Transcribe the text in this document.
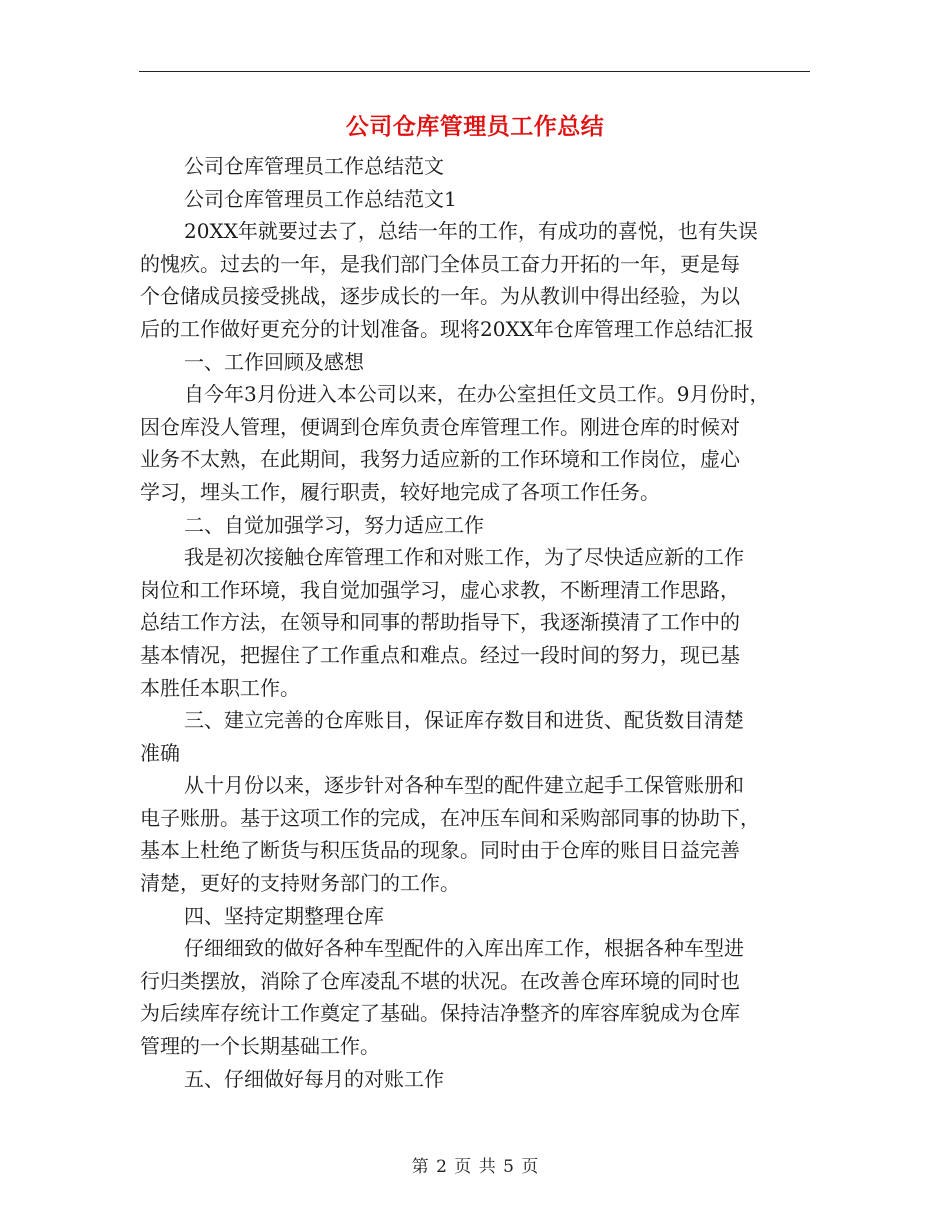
公司仓库管理员工作总结
公司仓库管理员工作总结范文
公司仓库管理员工作总结范文1
20XX年就要过去了，总结一年的工作，有成功的喜悦，也有失误
的愧疚。过去的一年，是我们部门全体员工奋力开拓的一年，更是每
个仓储成员接受挑战，逐步成长的一年。为从教训中得出经验，为以
后的工作做好更充分的计划准备。现将20XX年仓库管理工作总结汇报
一、工作回顾及感想
自今年3月份进入本公司以来，在办公室担任文员工作。9月份时，
因仓库没人管理，便调到仓库负责仓库管理工作。刚进仓库的时候对
业务不太熟，在此期间，我努力适应新的工作环境和工作岗位，虚心
学习，埋头工作，履行职责，较好地完成了各项工作任务。
二、自觉加强学习，努力适应工作
我是初次接触仓库管理工作和对账工作，为了尽快适应新的工作
岗位和工作环境，我自觉加强学习，虚心求教，不断理清工作思路，
总结工作方法，在领导和同事的帮助指导下，我逐渐摸清了工作中的
基本情况，把握住了工作重点和难点。经过一段时间的努力，现已基
本胜任本职工作。
三、建立完善的仓库账目，保证库存数目和进货、配货数目清楚
准确
从十月份以来，逐步针对各种车型的配件建立起手工保管账册和
电子账册。基于这项工作的完成，在冲压车间和采购部同事的协助下，
基本上杜绝了断货与积压货品的现象。同时由于仓库的账目日益完善
清楚，更好的支持财务部门的工作。
四、坚持定期整理仓库
仔细细致的做好各种车型配件的入库出库工作，根据各种车型进
行归类摆放，消除了仓库凌乱不堪的状况。在改善仓库环境的同时也
为后续库存统计工作奠定了基础。保持洁净整齐的库容库貌成为仓库
管理的一个长期基础工作。
五、仔细做好每月的对账工作
第 2 页 共 5 页
